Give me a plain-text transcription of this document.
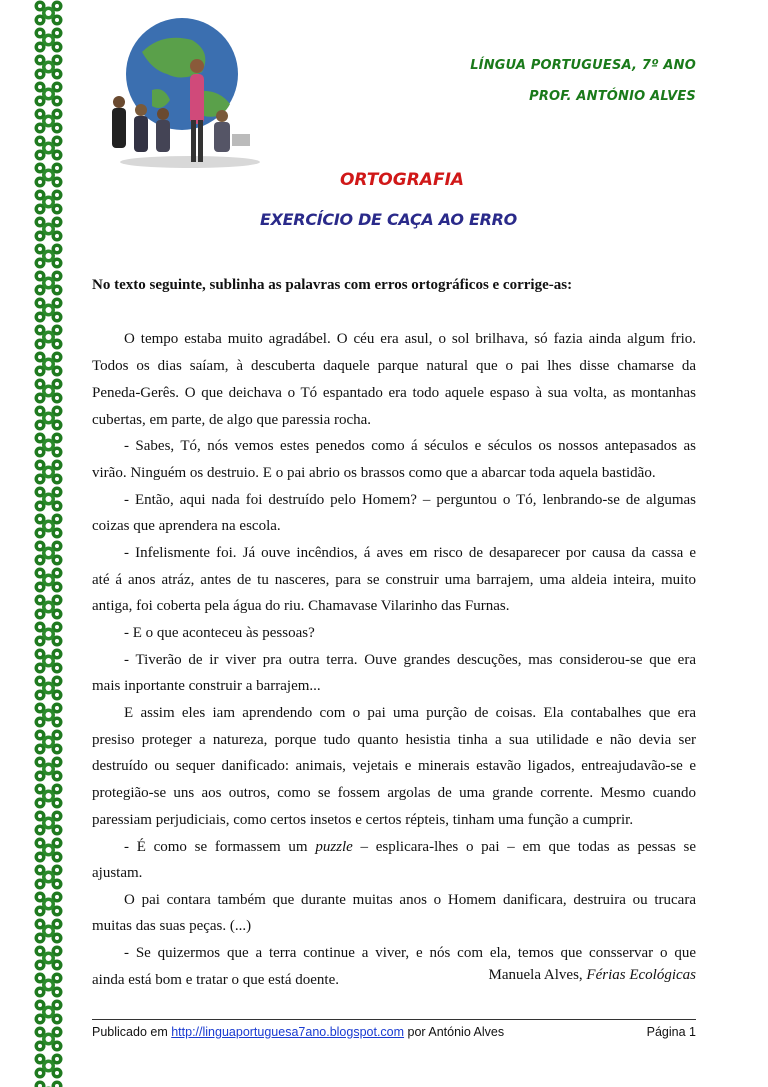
LÍNGUA PORTUGUESA, 7º ANO
PROF. ANTÓNIO ALVES
ORTOGRAFIA
EXERCÍCIO DE CAÇA AO ERRO
No texto seguinte, sublinha as palavras com erros ortográficos e corrige-as:
O tempo estaba muito agradábel. O céu era asul, o sol brilhava, só fazia ainda algum frio.
Todos os dias saíam, à descuberta daquele parque natural que o pai lhes disse chamarse da
Peneda-Gerês. O que deichava o Tó espantado era todo aquele espaso à sua volta, as montanhas
cubertas, em parte, de algo que paressia rocha.
- Sabes, Tó, nós vemos estes penedos como á séculos e séculos os nossos antepasados as
virão. Ninguém os destruio. E o pai abrio os brassos como que a abarcar toda aquela bastidão.
- Então, aqui nada foi destruído pelo Homem? – perguntou o Tó, lenbrando-se de algumas
coizas que aprendera na escola.
- Infelismente foi. Já ouve incêndios, á aves em risco de desaparecer por causa da cassa e
até á anos atráz, antes de tu nasceres, para se construir uma barrajem, uma aldeia inteira, muito
antiga, foi coberta pela água do riu. Chamavase Vilarinho das Furnas.
- E o que aconteceu às pessoas?
- Tiverão de ir viver pra outra terra. Ouve grandes descuções, mas considerou-se que era
mais inportante construir a barrajem...
E assim eles iam aprendendo com o pai uma purção de coisas. Ela contabalhes que era
presiso proteger a natureza, porque tudo quanto hesistia tinha a sua utilidade e não devia ser
destruído ou sequer danificado: animais, vejetais e minerais estavão ligados, entreajudavão-se e
protegião-se uns aos outros, como se fossem argolas de uma grande corrente. Mesmo cuando
paressiam perjudiciais, como certos insetos e certos répteis, tinham uma função a cumprir.
- É como se formassem um puzzle – esplicara-lhes o pai – em que todas as pessas se
ajustam.
O pai contara também que durante muitas anos o Homem danificara, destruira ou trucara
muitas das suas peças. (...)
- Se quizermos que a terra continue a viver, e nós com ela, temos que consservar o que
ainda está bom e tratar o que está doente.	Manuela Alves, Férias Ecológicas
Publicado em http://linguaportuguesa7ano.blogspot.com por António Alves	Página 1
